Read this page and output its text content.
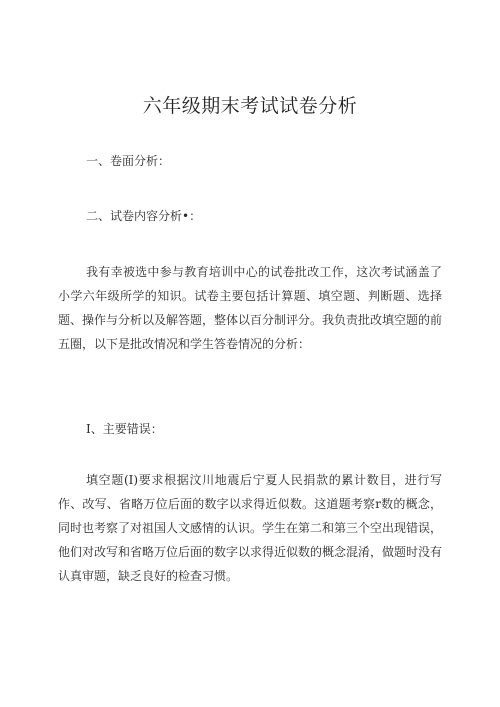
六年级期末考试试卷分析

一、卷面分析：

二、试卷内容分析•：

我有幸被选中参与教育培训中心的试卷批改工作，这次考试涵盖了小学六年级所学的知识。试卷主要包括计算题、填空题、判断题、选择题、操作与分析以及解答题，整体以百分制评分。我负责批改填空题的前五圈，以下是批改情况和学生答卷情况的分析：

I、主要错误：

填空题(I)要求根据汶川地震后宁夏人民捐款的累计数目，进行写作、改写、省略万位后面的数字以求得近似数。这道题考察r数的概念，同时也考察了对祖国人文感情的认识。学生在第二和第三个空出现错误，他们对改写和省略万位后面的数字以求得近似数的概念混淆，做题时没有认真审题，缺乏良好的检查习惯。
